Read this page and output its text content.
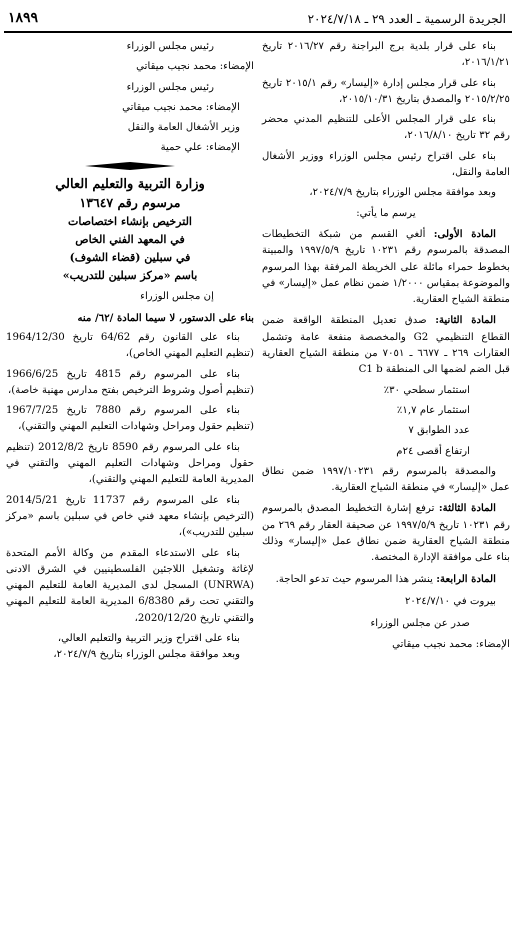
الجريدة الرسمية ـ العدد ٢٩ ـ ٢٠٢٤/٧/١٨
١٨٩٩

بناء على قرار بلدية برج البراجنة رقم ٢٠١٦/٢٧ تاريخ ٢٠١٦/١/٢١،

بناء على قرار مجلس إدارة «إليسار» رقم ٢٠١٥/١ تاريخ ٢٠١٥/٢/٢٥ والمصدق بتاريخ ٢٠١٥/١٠/٣١،

بناء على قرار المجلس الأعلى للتنظيم المدني محضر رقم ٣٢ تاريخ ٢٠١٦/٨/١٠،

بناء على اقتراح رئيس مجلس الوزراء ووزير الأشغال العامة والنقل،

وبعد موافقة مجلس الوزراء بتاريخ ٢٠٢٤/٧/٩،

يرسم ما يأتي:

المادة الأولى: ألغي القسم من شبكة التخطيطات المصدقة بالمرسوم رقم ١٠٢٣١ تاريخ ١٩٩٧/٥/٩ والمبينة بخطوط حمراء مائلة على الخريطة المرفقة بهذا المرسوم والموضوعة بمقياس ١/٢٠٠٠ ضمن نظام عمل «إليسار» في منطقة الشياح العقارية.

المادة الثانية: صدق تعديل المنطقة الواقعة ضمن القطاع التنظيمي G2 والمخصصة منفعة عامة وتشمل العقارات ٢٦٩ ـ ٦٦٧٧ ـ ٧٠٥١ من منطقة الشياح العقارية قبل الضم لضمها الى المنطقة C1 b

استثمار سطحي ٣٠٪

استثمار عام ١,٧٪

عدد الطوابق ٧

ارتفاع أقصى ٢٤م

والمصدقة بالمرسوم رقم ١٩٩٧/١٠٢٣١ ضمن نطاق عمل «إليسار» في منطقة الشياح العقارية.

المادة الثالثة: ترفع إشارة التخطيط المصدق بالمرسوم رقم ١٠٢٣١ تاريخ ١٩٩٧/٥/٩ عن صحيفة العقار رقم ٢٦٩ من منطقة الشياح العقارية ضمن نطاق عمل «إليسار» وذلك بناء على موافقة الإدارة المختصة.

المادة الرابعة: ينشر هذا المرسوم حيث تدعو الحاجة.

بيروت في ٢٠٢٤/٧/١٠

صدر عن مجلس الوزراء

الإمضاء: محمد نجيب ميقاتي

رئيس مجلس الوزراء

الإمضاء: محمد نجيب ميقاتي

رئيس مجلس الوزراء

الإمضاء: محمد نجيب ميقاتي

وزير الأشغال العامة والنقل

الإمضاء: علي حمية

وزارة التربية والتعليم العالي
مرسوم رقم ١٣٦٤٧
الترخيص بإنشاء اختصاصات
في المعهد الفني الخاص
في سبلين (قضاء الشوف)
باسم «مركز سبلين للتدريب»

إن مجلس الوزراء

بناء على الدستور، لا سيما المادة /٦٢/ منه

بناء على القانون رقم 64/62 تاريخ 1964/12/30 (تنظيم التعليم المهني الخاص)،

بناء على المرسوم رقم 4815 تاريخ 1966/6/25 (تنظيم أصول وشروط الترخيص بفتح مدارس مهنية خاصة)،

بناء على المرسوم رقم 7880 تاريخ 1967/7/25 (تنظيم حقول ومراحل وشهادات التعليم المهني والتقني)،

بناء على المرسوم رقم 8590 تاريخ 2012/8/2 (تنظيم حقول ومراحل وشهادات التعليم المهني والتقني في المديرية العامة للتعليم المهني والتقني)،

بناء على المرسوم رقم 11737 تاريخ 2014/5/21 (الترخيص بإنشاء معهد فني خاص في سبلين باسم «مركز سبلين للتدريب»)،

بناء على الاستدعاء المقدم من وكالة الأمم المتحدة لإغاثة وتشغيل اللاجئين الفلسطينيين في الشرق الادنى (UNRWA) المسجل لدى المديرية العامة للتعليم المهني والتقني تحت رقم 6/8380 المديرية العامة للتعليم المهني والتقني تاريخ 2020/12/20،

بناء على اقتراح وزير التربية والتعليم العالي،

وبعد موافقة مجلس الوزراء بتاريخ ٢٠٢٤/٧/٩،
